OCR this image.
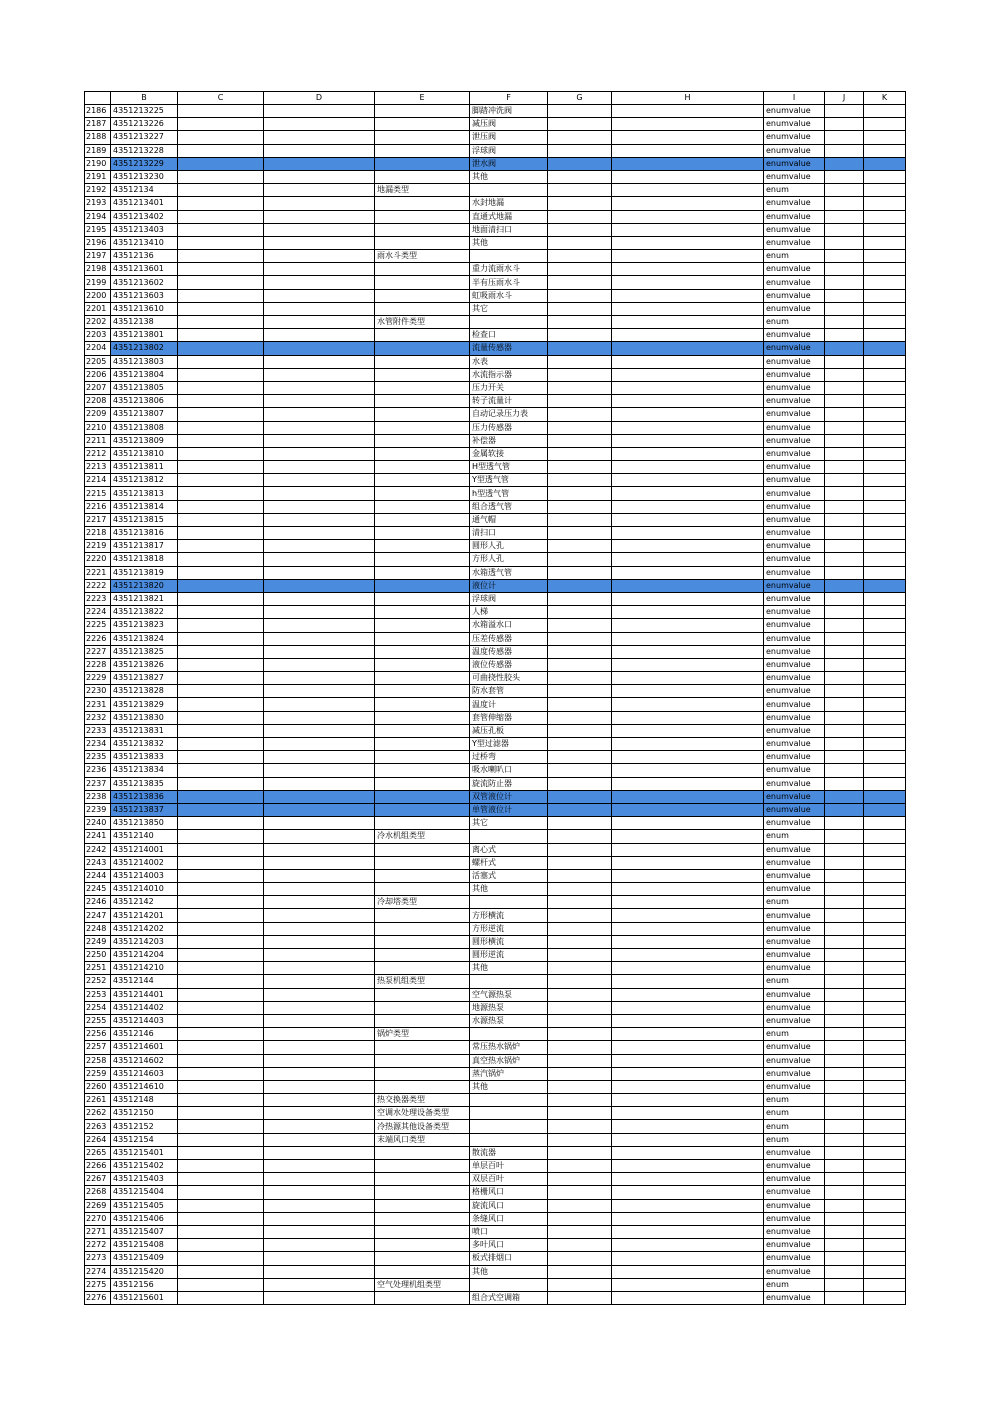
	B	C	D	E	F	G	H	I	J	K
2186	4351213225				脚踏冲洗阀			enumvalue		
2187	4351213226				减压阀			enumvalue		
2188	4351213227				泄压阀			enumvalue		
2189	4351213228				浮球阀			enumvalue		
2190	4351213229				泄水阀			enumvalue		
2191	4351213230				其他			enumvalue		
2192	43512134			地漏类型				enum		
2193	4351213401				水封地漏			enumvalue		
2194	4351213402				直通式地漏			enumvalue		
2195	4351213403				地面清扫口			enumvalue		
2196	4351213410				其他			enumvalue		
2197	43512136			雨水斗类型				enum		
2198	4351213601				重力流雨水斗			enumvalue		
2199	4351213602				半有压雨水斗			enumvalue		
2200	4351213603				虹吸雨水斗			enumvalue		
2201	4351213610				其它			enumvalue		
2202	43512138			水管附件类型				enum		
2203	4351213801				检查口			enumvalue		
2204	4351213802				流量传感器			enumvalue		
2205	4351213803				水表			enumvalue		
2206	4351213804				水流指示器			enumvalue		
2207	4351213805				压力开关			enumvalue		
2208	4351213806				转子流量计			enumvalue		
2209	4351213807				自动记录压力表			enumvalue		
2210	4351213808				压力传感器			enumvalue		
2211	4351213809				补偿器			enumvalue		
2212	4351213810				金属软接			enumvalue		
2213	4351213811				H型透气管			enumvalue		
2214	4351213812				Y型透气管			enumvalue		
2215	4351213813				h型透气管			enumvalue		
2216	4351213814				组合透气管			enumvalue		
2217	4351213815				通气帽			enumvalue		
2218	4351213816				清扫口			enumvalue		
2219	4351213817				圆形人孔			enumvalue		
2220	4351213818				方形人孔			enumvalue		
2221	4351213819				水箱透气管			enumvalue		
2222	4351213820				液位计			enumvalue		
2223	4351213821				浮球阀			enumvalue		
2224	4351213822				人梯			enumvalue		
2225	4351213823				水箱溢水口			enumvalue		
2226	4351213824				压差传感器			enumvalue		
2227	4351213825				温度传感器			enumvalue		
2228	4351213826				液位传感器			enumvalue		
2229	4351213827				可曲挠性胶头			enumvalue		
2230	4351213828				防水套管			enumvalue		
2231	4351213829				温度计			enumvalue		
2232	4351213830				套管伸缩器			enumvalue		
2233	4351213831				减压孔板			enumvalue		
2234	4351213832				Y型过滤器			enumvalue		
2235	4351213833				过桥弯			enumvalue		
2236	4351213834				吸水喇叭口			enumvalue		
2237	4351213835				旋流防止器			enumvalue		
2238	4351213836				双管液位计			enumvalue		
2239	4351213837				单管液位计			enumvalue		
2240	4351213850				其它			enumvalue		
2241	43512140			冷水机组类型				enum		
2242	4351214001				离心式			enumvalue		
2243	4351214002				螺杆式			enumvalue		
2244	4351214003				活塞式			enumvalue		
2245	4351214010				其他			enumvalue		
2246	43512142			冷却塔类型				enum		
2247	4351214201				方形横流			enumvalue		
2248	4351214202				方形逆流			enumvalue		
2249	4351214203				圆形横流			enumvalue		
2250	4351214204				圆形逆流			enumvalue		
2251	4351214210				其他			enumvalue		
2252	43512144			热泵机组类型				enum		
2253	4351214401				空气源热泵			enumvalue		
2254	4351214402				地源热泵			enumvalue		
2255	4351214403				水源热泵			enumvalue		
2256	43512146			锅炉类型				enum		
2257	4351214601				常压热水锅炉			enumvalue		
2258	4351214602				真空热水锅炉			enumvalue		
2259	4351214603				蒸汽锅炉			enumvalue		
2260	4351214610				其他			enumvalue		
2261	43512148			热交换器类型				enum		
2262	43512150			空调水处理设备类型				enum		
2263	43512152			冷热源其他设备类型				enum		
2264	43512154			末端风口类型				enum		
2265	4351215401				散流器			enumvalue		
2266	4351215402				单层百叶			enumvalue		
2267	4351215403				双层百叶			enumvalue		
2268	4351215404				格栅风口			enumvalue		
2269	4351215405				旋流风口			enumvalue		
2270	4351215406				条缝风口			enumvalue		
2271	4351215407				喷口			enumvalue		
2272	4351215408				多叶风口			enumvalue		
2273	4351215409				板式排烟口			enumvalue		
2274	4351215420				其他			enumvalue		
2275	43512156			空气处理机组类型				enum		
2276	4351215601				组合式空调箱			enumvalue		
